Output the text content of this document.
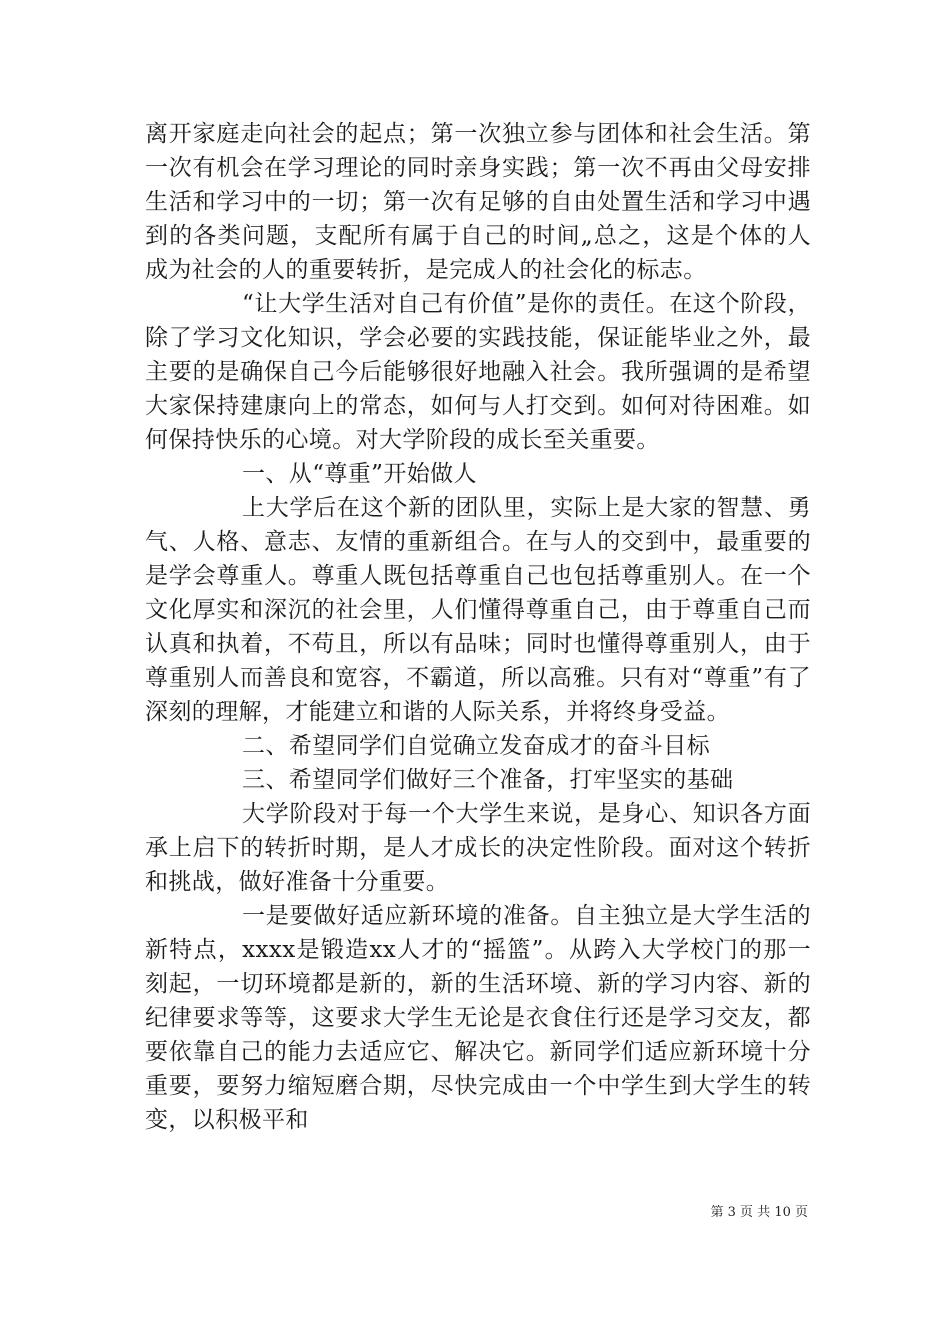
离开家庭走向社会的起点；第一次独立参与团体和社会生活。第一次有机会在学习理论的同时亲身实践；第一次不再由父母安排生活和学习中的一切；第一次有足够的自由处置生活和学习中遇到的各类问题，支配所有属于自己的时间„总之，这是个体的人成为社会的人的重要转折，是完成人的社会化的标志。

“让大学生活对自己有价值”是你的责任。在这个阶段，除了学习文化知识，学会必要的实践技能，保证能毕业之外，最主要的是确保自己今后能够很好地融入社会。我所强调的是希望大家保持建康向上的常态，如何与人打交到。如何对待困难。如何保持快乐的心境。对大学阶段的成长至关重要。

一、从“尊重”开始做人

上大学后在这个新的团队里，实际上是大家的智慧、勇气、人格、意志、友情的重新组合。在与人的交到中，最重要的是学会尊重人。尊重人既包括尊重自己也包括尊重别人。在一个文化厚实和深沉的社会里，人们懂得尊重自己，由于尊重自己而认真和执着，不苟且，所以有品味；同时也懂得尊重别人，由于尊重别人而善良和宽容，不霸道，所以高雅。只有对“尊重”有了深刻的理解，才能建立和谐的人际关系，并将终身受益。

二、希望同学们自觉确立发奋成才的奋斗目标

三、希望同学们做好三个准备，打牢坚实的基础

大学阶段对于每一个大学生来说，是身心、知识各方面承上启下的转折时期，是人才成长的决定性阶段。面对这个转折和挑战，做好准备十分重要。

一是要做好适应新环境的准备。自主独立是大学生活的新特点，xxxx是锻造xx人才的“摇篮”。从跨入大学校门的那一刻起，一切环境都是新的，新的生活环境、新的学习内容、新的纪律要求等等，这要求大学生无论是衣食住行还是学习交友，都要依靠自己的能力去适应它、解决它。新同学们适应新环境十分重要，要努力缩短磨合期，尽快完成由一个中学生到大学生的转变，以积极平和

第 3 页 共 10 页
